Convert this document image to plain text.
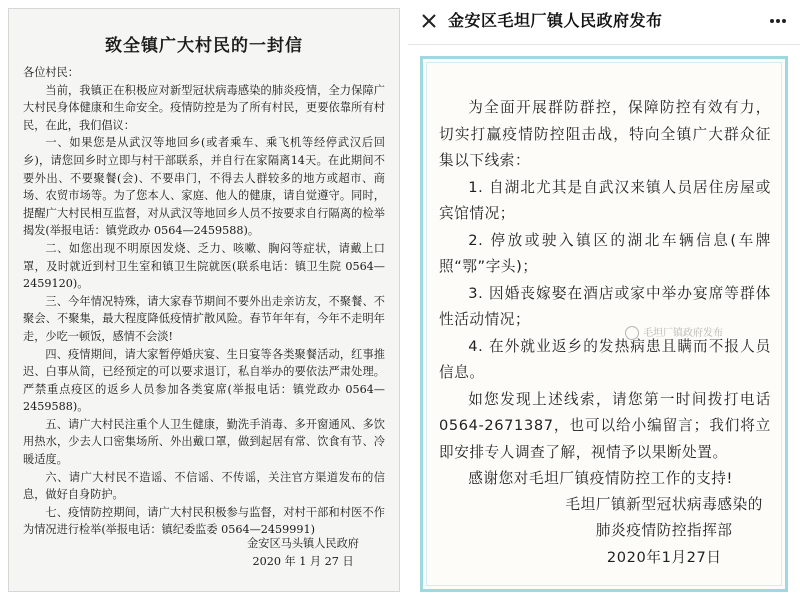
致全镇广大村民的一封信

各位村民：

当前，我镇正在积极应对新型冠状病毒感染的肺炎疫情，全力保障广大村民身体健康和生命安全。疫情防控是为了所有村民，更要依靠所有村民，在此，我们倡议：

一、如果您是从武汉等地回乡(或者乘车、乘飞机等经停武汉后回乡)，请您回乡时立即与村干部联系，并自行在家隔离14天。在此期间不要外出、不要聚餐(会)、不要串门，不得去人群较多的地方或超市、商场、农贸市场等。为了您本人、家庭、他人的健康，请自觉遵守。同时，提醒广大村民相互监督，对从武汉等地回乡人员不按要求自行隔离的检举揭发(举报电话：镇党政办 0564—2459588)。

二、如您出现不明原因发烧、乏力、咳嗽、胸闷等症状，请戴上口罩，及时就近到村卫生室和镇卫生院就医(联系电话：镇卫生院 0564—2459120)。

三、今年情况特殊，请大家春节期间不要外出走亲访友，不聚餐、不聚会、不聚集，最大程度降低疫情扩散风险。春节年年有，今年不走明年走，少吃一顿饭，感情不会淡!

四、疫情期间，请大家暂停婚庆宴、生日宴等各类聚餐活动，红事推迟、白事从简，已经预定的可以要求退订，私自举办的要依法严肃处理。严禁重点疫区的返乡人员参加各类宴席(举报电话：镇党政办 0564—2459588)。

五、请广大村民注重个人卫生健康，勤洗手消毒、多开窗通风、多饮用热水，少去人口密集场所、外出戴口罩，做到起居有常、饮食有节、冷暖适度。

六、请广大村民不造谣、不信谣、不传谣，关注官方渠道发布的信息，做好自身防护。

七、疫情防控期间，请广大村民积极参与监督，对村干部和村医不作为情况进行检举(举报电话：镇纪委监委 0564—2459991)

金安区马头镇人民政府
2020 年 1 月 27 日
金安区毛坦厂镇人民政府发布

为全面开展群防群控，保障防控有效有力，切实打赢疫情防控阻击战，特向全镇广大群众征集以下线索：

1. 自湖北尤其是自武汉来镇人员居住房屋或宾馆情况；

2. 停放或驶入镇区的湖北车辆信息(车牌照“鄂”字头)；

3. 因婚丧嫁娶在酒店或家中举办宴席等群体性活动情况；

4. 在外就业返乡的发热病患且瞒而不报人员信息。

如您发现上述线索，请您第一时间拨打电话0564-2671387，也可以给小编留言；我们将立即安排专人调查了解，视情予以果断处置。

感谢您对毛坦厂镇疫情防控工作的支持!

毛坦厂镇政府发布
毛坦厂镇新型冠状病毒感染的
肺炎疫情防控指挥部
2020年1月27日
